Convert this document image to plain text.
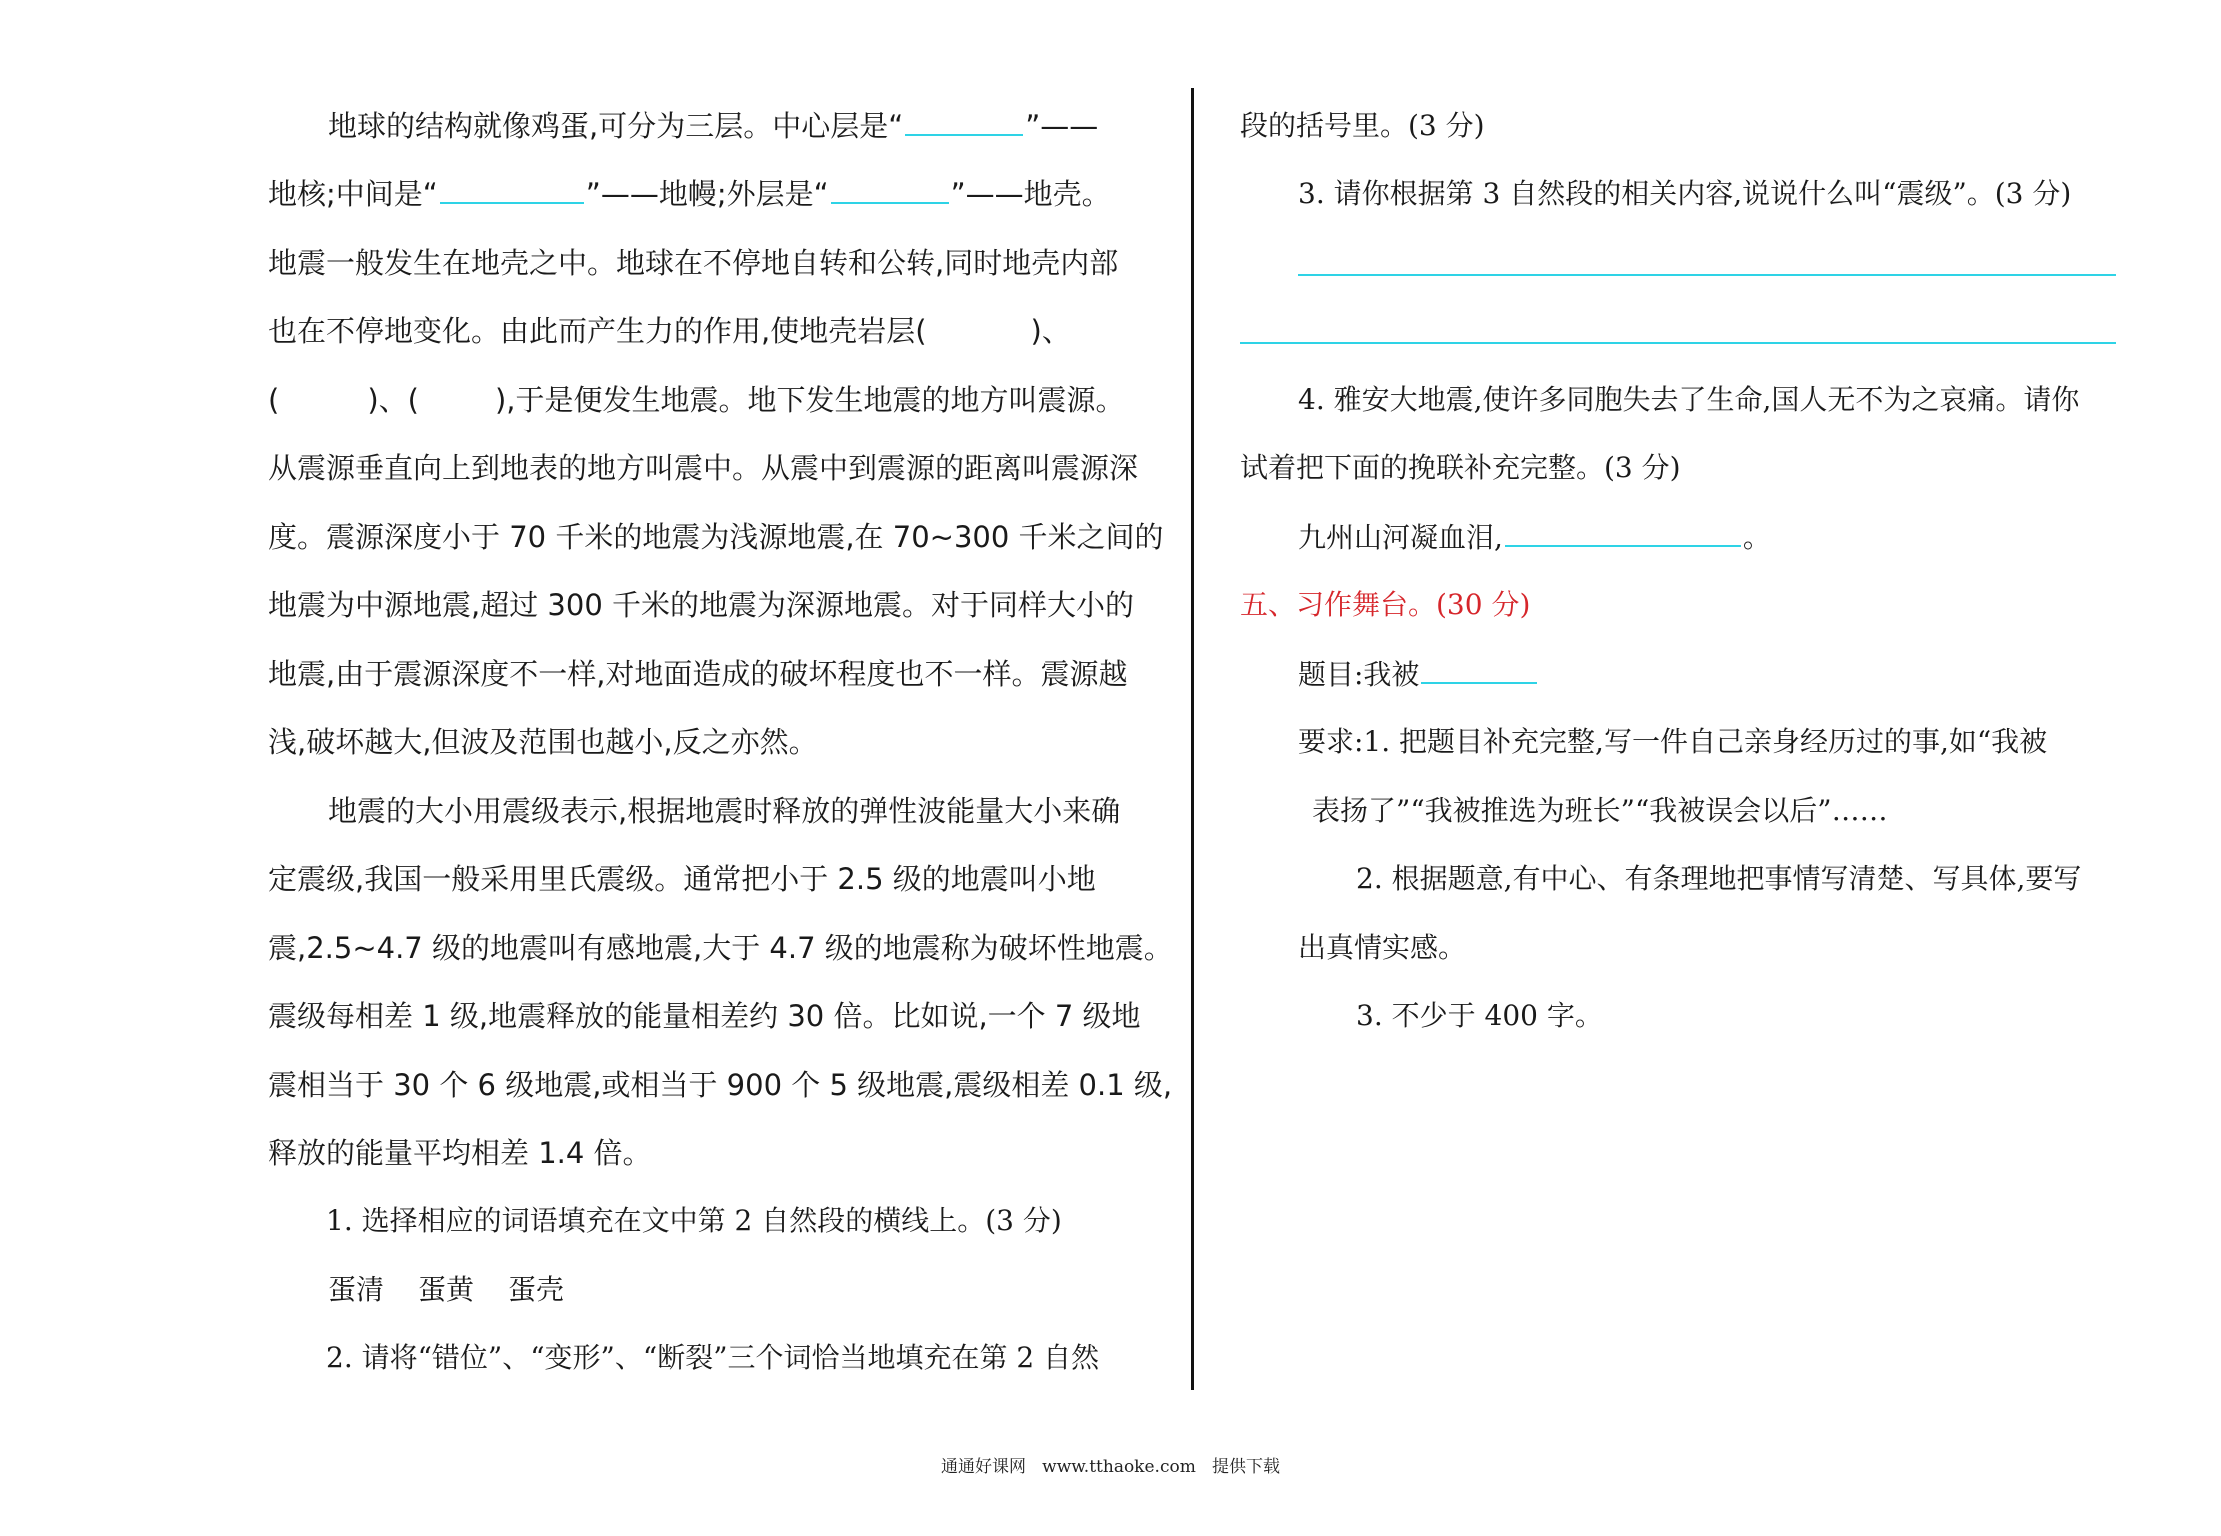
地球的结构就像鸡蛋,可分为三层。中心层是“	”——
地核;中间是“	”——地幔;外层是“	”——地壳。
地震一般发生在地壳之中。地球在不停地自转和公转,同时地壳内部
也在不停地变化。由此而产生力的作用,使地壳岩层(	)、
(	)、(	),于是便发生地震。地下发生地震的地方叫震源。
从震源垂直向上到地表的地方叫震中。从震中到震源的距离叫震源深
度。震源深度小于 70 千米的地震为浅源地震,在 70~300 千米之间的
地震为中源地震,超过 300 千米的地震为深源地震。对于同样大小的
地震,由于震源深度不一样,对地面造成的破坏程度也不一样。震源越
浅,破坏越大,但波及范围也越小,反之亦然。
地震的大小用震级表示,根据地震时释放的弹性波能量大小来确
定震级,我国一般采用里氏震级。通常把小于 2.5 级的地震叫小地
震,2.5~4.7 级的地震叫有感地震,大于 4.7 级的地震称为破坏性地震。
震级每相差 1 级,地震释放的能量相差约 30 倍。比如说,一个 7 级地
震相当于 30 个 6 级地震,或相当于 900 个 5 级地震,震级相差 0.1 级,
释放的能量平均相差 1.4 倍。
1. 选择相应的词语填充在文中第 2 自然段的横线上。(3 分)
蛋清 蛋黄 蛋壳
2. 请将“错位”、“变形”、“断裂”三个词恰当地填充在第 2 自然
段的括号里。(3 分)
3. 请你根据第 3 自然段的相关内容,说说什么叫“震级”。(3 分)
4. 雅安大地震,使许多同胞失去了生命,国人无不为之哀痛。请你
试着把下面的挽联补充完整。(3 分)
九州山河凝血泪,	。
五、习作舞台。(30 分)
题目:我被
要求:1. 把题目补充完整,写一件自己亲身经历过的事,如“我被
表扬了”“我被推选为班长”“我被误会以后”……
2. 根据题意,有中心、有条理地把事情写清楚、写具体,要写
出真情实感。
3. 不少于 400 字。
通通好课网   www.tthaoke.com   提供下载
